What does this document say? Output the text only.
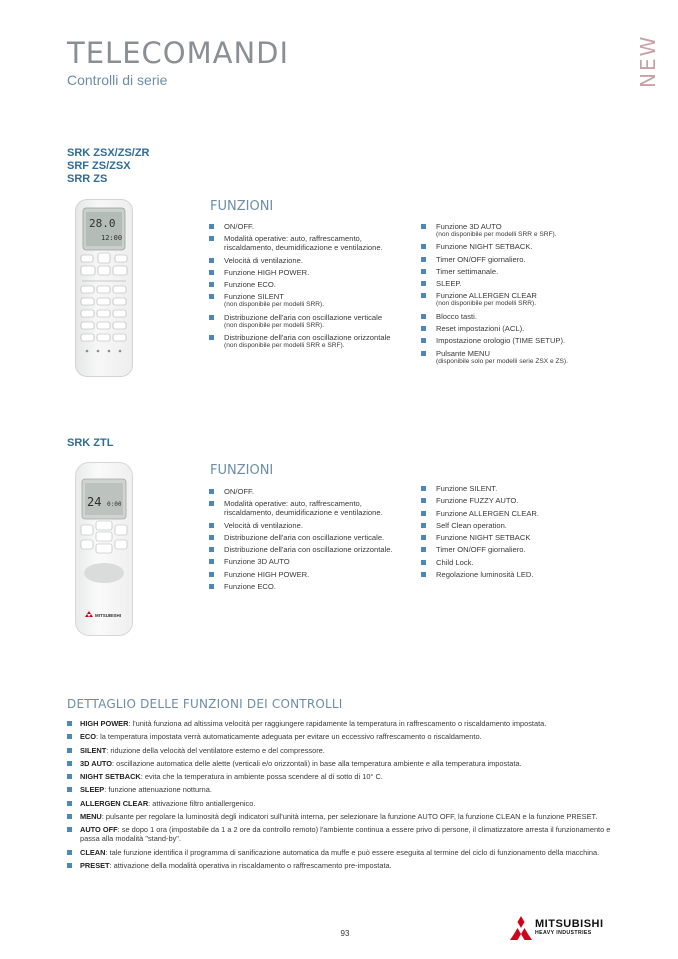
TELECOMANDI

Controlli di serie	NEW
SRK ZSX/ZS/ZR
SRF ZS/ZSX
SRR ZS
28.0
12:00
FUNZIONI
ON/OFF.
Modalità operative: auto, raffrescamento, riscaldamento, deumidificazione e ventilazione.
Velocità di ventilazione.
Funzione HIGH POWER.
Funzione ECO.
Funzione SILENT
(non disponibile per modelli SRR).
Distribuzione dell'aria con oscillazione verticale
(non disponibile per modelli SRR).
Distribuzione dell'aria con oscillazione orizzontale
(non disponibile per modelli SRR e SRF).
Funzione 3D AUTO
(non disponibile per modelli SRR e SRF).
Funzione NIGHT SETBACK.
Timer ON/OFF giornaliero.
Timer settimanale.
SLEEP.
Funzione ALLERGEN CLEAR
(non disponibile per modelli SRR).
Blocco tasti.
Reset impostazioni (ACL).
Impostazione orologio (TIME SETUP).
Pulsante MENU
(disponibile solo per modelli serie ZSX e ZS).
SRK ZTL
24 0:00
MITSUBISHI
FUNZIONI
ON/OFF.
Modalità operative: auto, raffrescamento, riscaldamento, deumidificazione e ventilazione.
Velocità di ventilazione.
Distribuzione dell'aria con oscillazione verticale.
Distribuzione dell'aria con oscillazione orizzontale.
Funzione 3D AUTO
Funzione HIGH POWER.
Funzione ECO.
Funzione SILENT.
Funzione FUZZY AUTO.
Funzione ALLERGEN CLEAR.
Self Clean operation.
Funzione NIGHT SETBACK
Timer ON/OFF giornaliero.
Child Lock.
Regolazione luminosità LED.
DETTAGLIO DELLE FUNZIONI DEI CONTROLLI
HIGH POWER: l'unità funziona ad altissima velocità per raggiungere rapidamente la temperatura in raffrescamento o riscaldamento impostata.
ECO: la temperatura impostata verrà automaticamente adeguata per evitare un eccessivo raffrescamento o riscaldamento.
SILENT: riduzione della velocità del ventilatore esterno e del compressore.
3D AUTO: oscillazione automatica delle alette (verticali e/o orizzontali) in base alla temperatura ambiente e alla temperatura impostata.
NIGHT SETBACK: evita che la temperatura in ambiente possa scendere al di sotto di 10° C.
SLEEP: funzione attenuazione notturna.
ALLERGEN CLEAR: attivazione filtro antiallergenico.
MENU: pulsante per regolare la luminosità degli indicatori sull'unità interna, per selezionare la funzione AUTO OFF, la funzione CLEAN e la funzione PRESET.
AUTO OFF: se dopo 1 ora (impostabile da 1 a 2 ore da controllo remoto) l'ambiente continua a essere privo di persone, il climatizzatore arresta il funzionamento e passa alla modalità "stand-by".
CLEAN: tale funzione identifica il programma di sanificazione automatica da muffe e può essere eseguita al termine del ciclo di funzionamento della macchina.
PRESET: attivazione della modalità operativa in riscaldamento o raffrescamento pre-impostata.
93
MITSUBISHI
HEAVY INDUSTRIES
